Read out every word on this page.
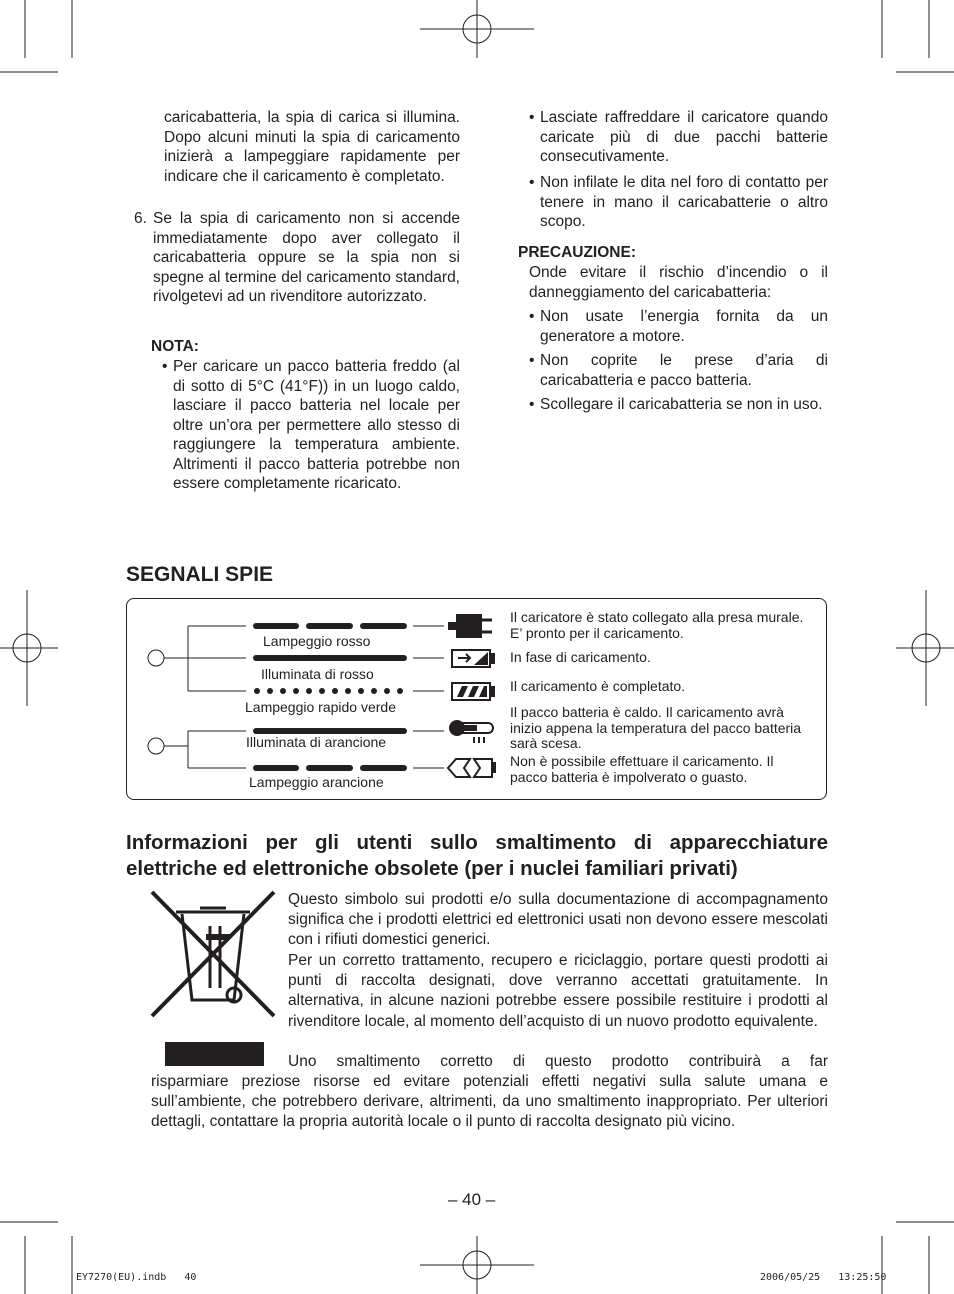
caricabatteria, la spia di carica si illumina. Dopo alcuni minuti la spia di caricamento inizierà a lampeggiare rapidamente per indicare che il caricamento è completato.
6. Se la spia di caricamento non si accende immediatamente dopo aver collegato il caricabatteria oppure se la spia non si spegne al termine del caricamento standard, rivolgetevi ad un rivenditore autorizzato.
NOTA:
• Per caricare un pacco batteria freddo (al di sotto di 5°C (41°F)) in un luogo caldo, lasciare il pacco batteria nel locale per oltre un’ora per permettere allo stesso di raggiungere la temperatura ambiente. Altrimenti il pacco batteria potrebbe non essere completamente ricaricato.
• Lasciate raffreddare il caricatore quando caricate più di due pacchi batterie consecutivamente.
• Non infilate le dita nel foro di contatto per tenere in mano il caricabatterie o altro scopo.
PRECAUZIONE:
Onde evitare il rischio d’incendio o il danneggiamento del caricabatteria:
• Non usate l’energia fornita da un generatore a motore.
• Non coprite le prese d’aria di caricabatteria e pacco batteria.
• Scollegare il caricabatteria se non in uso.
SEGNALI SPIE
Lampeggio rosso
Illuminata di rosso
Lampeggio rapido verde
Illuminata di arancione
Lampeggio arancione
Il caricatore è stato collegato alla presa murale. E’ pronto per il caricamento.
In fase di caricamento.
Il caricamento è completato.
Il pacco batteria è caldo. Il caricamento avrà inizio appena la temperatura del pacco batteria sarà scesa.
Non è possibile effettuare il caricamento. Il pacco batteria è impolverato o guasto.
Informazioni per gli utenti sullo smaltimento di apparecchiature
elettriche ed elettroniche obsolete (per i nuclei familiari privati)
Questo simbolo sui prodotti e/o sulla documentazione di accompagnamento significa che i prodotti elettrici ed elettronici usati non devono essere mescolati con i rifiuti domestici generici.
Per un corretto trattamento, recupero e riciclaggio, portare questi prodotti ai punti di raccolta designati, dove verranno accettati gratuitamente. In alternativa, in alcune nazioni potrebbe essere possibile restituire i prodotti al rivenditore locale, al momento dell’acquisto di un nuovo prodotto equivalente.
Uno smaltimento corretto di questo prodotto contribuirà a far
risparmiare preziose risorse ed evitare potenziali effetti negativi sulla salute umana e sull’ambiente, che potrebbero derivare, altrimenti, da uno smaltimento inappropriato. Per ulteriori dettagli, contattare la propria autorità locale o il punto di raccolta designato più vicino.
– 40 –
EY7270(EU).indb   40	2006/05/25   13:25:50
